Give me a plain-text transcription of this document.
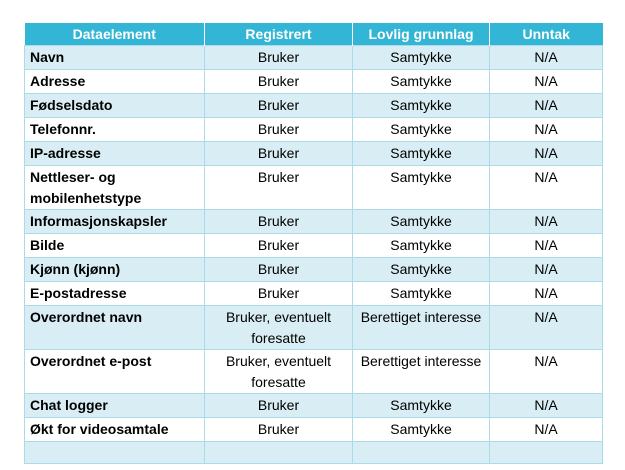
Dataelement	Registrert	Lovlig grunnlag	Unntak
Navn	Bruker	Samtykke	N/A
Adresse	Bruker	Samtykke	N/A
Fødselsdato	Bruker	Samtykke	N/A
Telefonnr.	Bruker	Samtykke	N/A
IP-adresse	Bruker	Samtykke	N/A
Nettleser- og mobilenhetstype	Bruker	Samtykke	N/A
Informasjonskapsler	Bruker	Samtykke	N/A
Bilde	Bruker	Samtykke	N/A
Kjønn (kjønn)	Bruker	Samtykke	N/A
E-postadresse	Bruker	Samtykke	N/A
Overordnet navn	Bruker, eventuelt foresatte	Berettiget interesse	N/A
Overordnet e-post	Bruker, eventuelt foresatte	Berettiget interesse	N/A
Chat logger	Bruker	Samtykke	N/A
Økt for videosamtale	Bruker	Samtykke	N/A
